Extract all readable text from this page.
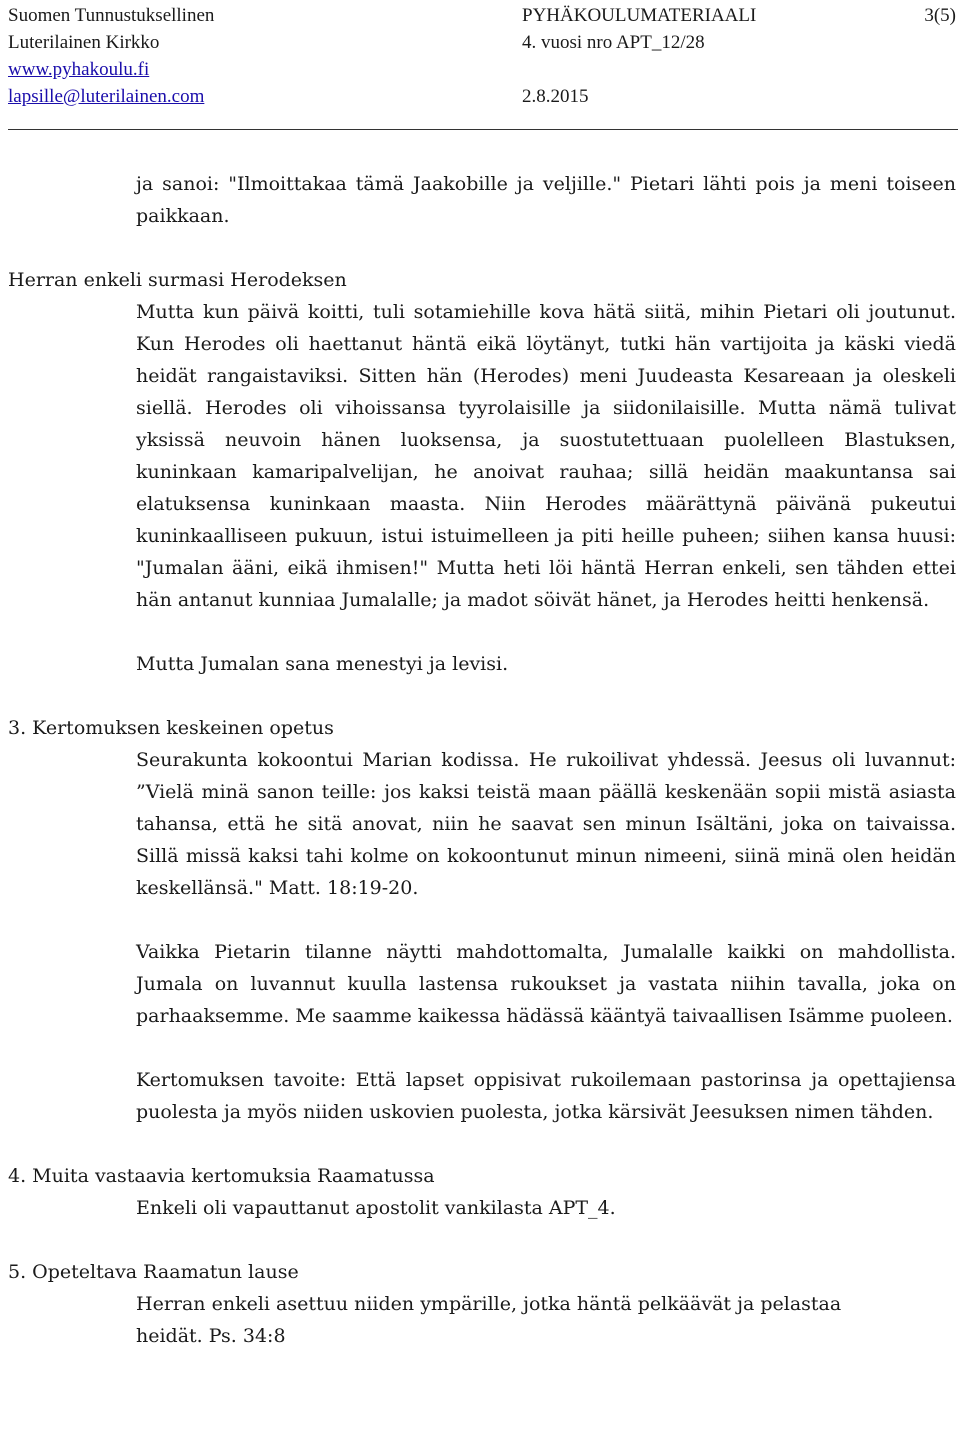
Suomen Tunnustuksellinen
Luterilainen Kirkko
www.pyhakoulu.fi
lapsille@luterilainen.com
PYHÄKOULUMATERIAALI
4. vuosi nro APT_12/28

2.8.2015
3(5)

ja sanoi: "Ilmoittakaa tämä Jaakobille ja veljille." Pietari lähti pois ja meni toiseen paikkaan.

Herran enkeli surmasi Herodeksen

Mutta kun päivä koitti, tuli sotamiehille kova hätä siitä, mihin Pietari oli joutunut. Kun Herodes oli haettanut häntä eikä löytänyt, tutki hän vartijoita ja käski viedä heidät rangaistaviksi. Sitten hän (Herodes) meni Juudeasta Kesareaan ja oleskeli siellä. Herodes oli vihoissansa tyyrolaisille ja siidonilaisille. Mutta nämä tulivat yksissä neuvoin hänen luoksensa, ja suostutettuaan puolelleen Blastuksen, kuninkaan kamaripalvelijan, he anoivat rauhaa; sillä heidän maakuntansa sai elatuksensa kuninkaan maasta. Niin Herodes määrättynä päivänä pukeutui kuninkaalliseen pukuun, istui istuimelleen ja piti heille puheen; siihen kansa huusi: "Jumalan ääni, eikä ihmisen!" Mutta heti löi häntä Herran enkeli, sen tähden ettei hän antanut kunniaa Jumalalle; ja madot söivät hänet, ja Herodes heitti henkensä.

Mutta Jumalan sana menestyi ja levisi.

3. Kertomuksen keskeinen opetus

Seurakunta kokoontui Marian kodissa. He rukoilivat yhdessä. Jeesus oli luvannut: ”Vielä minä sanon teille: jos kaksi teistä maan päällä keskenään sopii mistä asiasta tahansa, että he sitä anovat, niin he saavat sen minun Isältäni, joka on taivaissa. Sillä missä kaksi tahi kolme on kokoontunut minun nimeeni, siinä minä olen heidän keskellänsä." Matt. 18:19-20.

Vaikka Pietarin tilanne näytti mahdottomalta, Jumalalle kaikki on mahdollista. Jumala on luvannut kuulla lastensa rukoukset ja vastata niihin tavalla, joka on parhaaksemme. Me saamme kaikessa hädässä kääntyä taivaallisen Isämme puoleen.

Kertomuksen tavoite: Että lapset oppisivat rukoilemaan pastorinsa ja opettajiensa puolesta ja myös niiden uskovien puolesta, jotka kärsivät Jeesuksen nimen tähden.

4. Muita vastaavia kertomuksia Raamatussa

Enkeli oli vapauttanut apostolit vankilasta APT_4.

5. Opeteltava Raamatun lause

Herran enkeli asettuu niiden ympärille, jotka häntä pelkäävät ja pelastaa

heidät. Ps. 34:8
